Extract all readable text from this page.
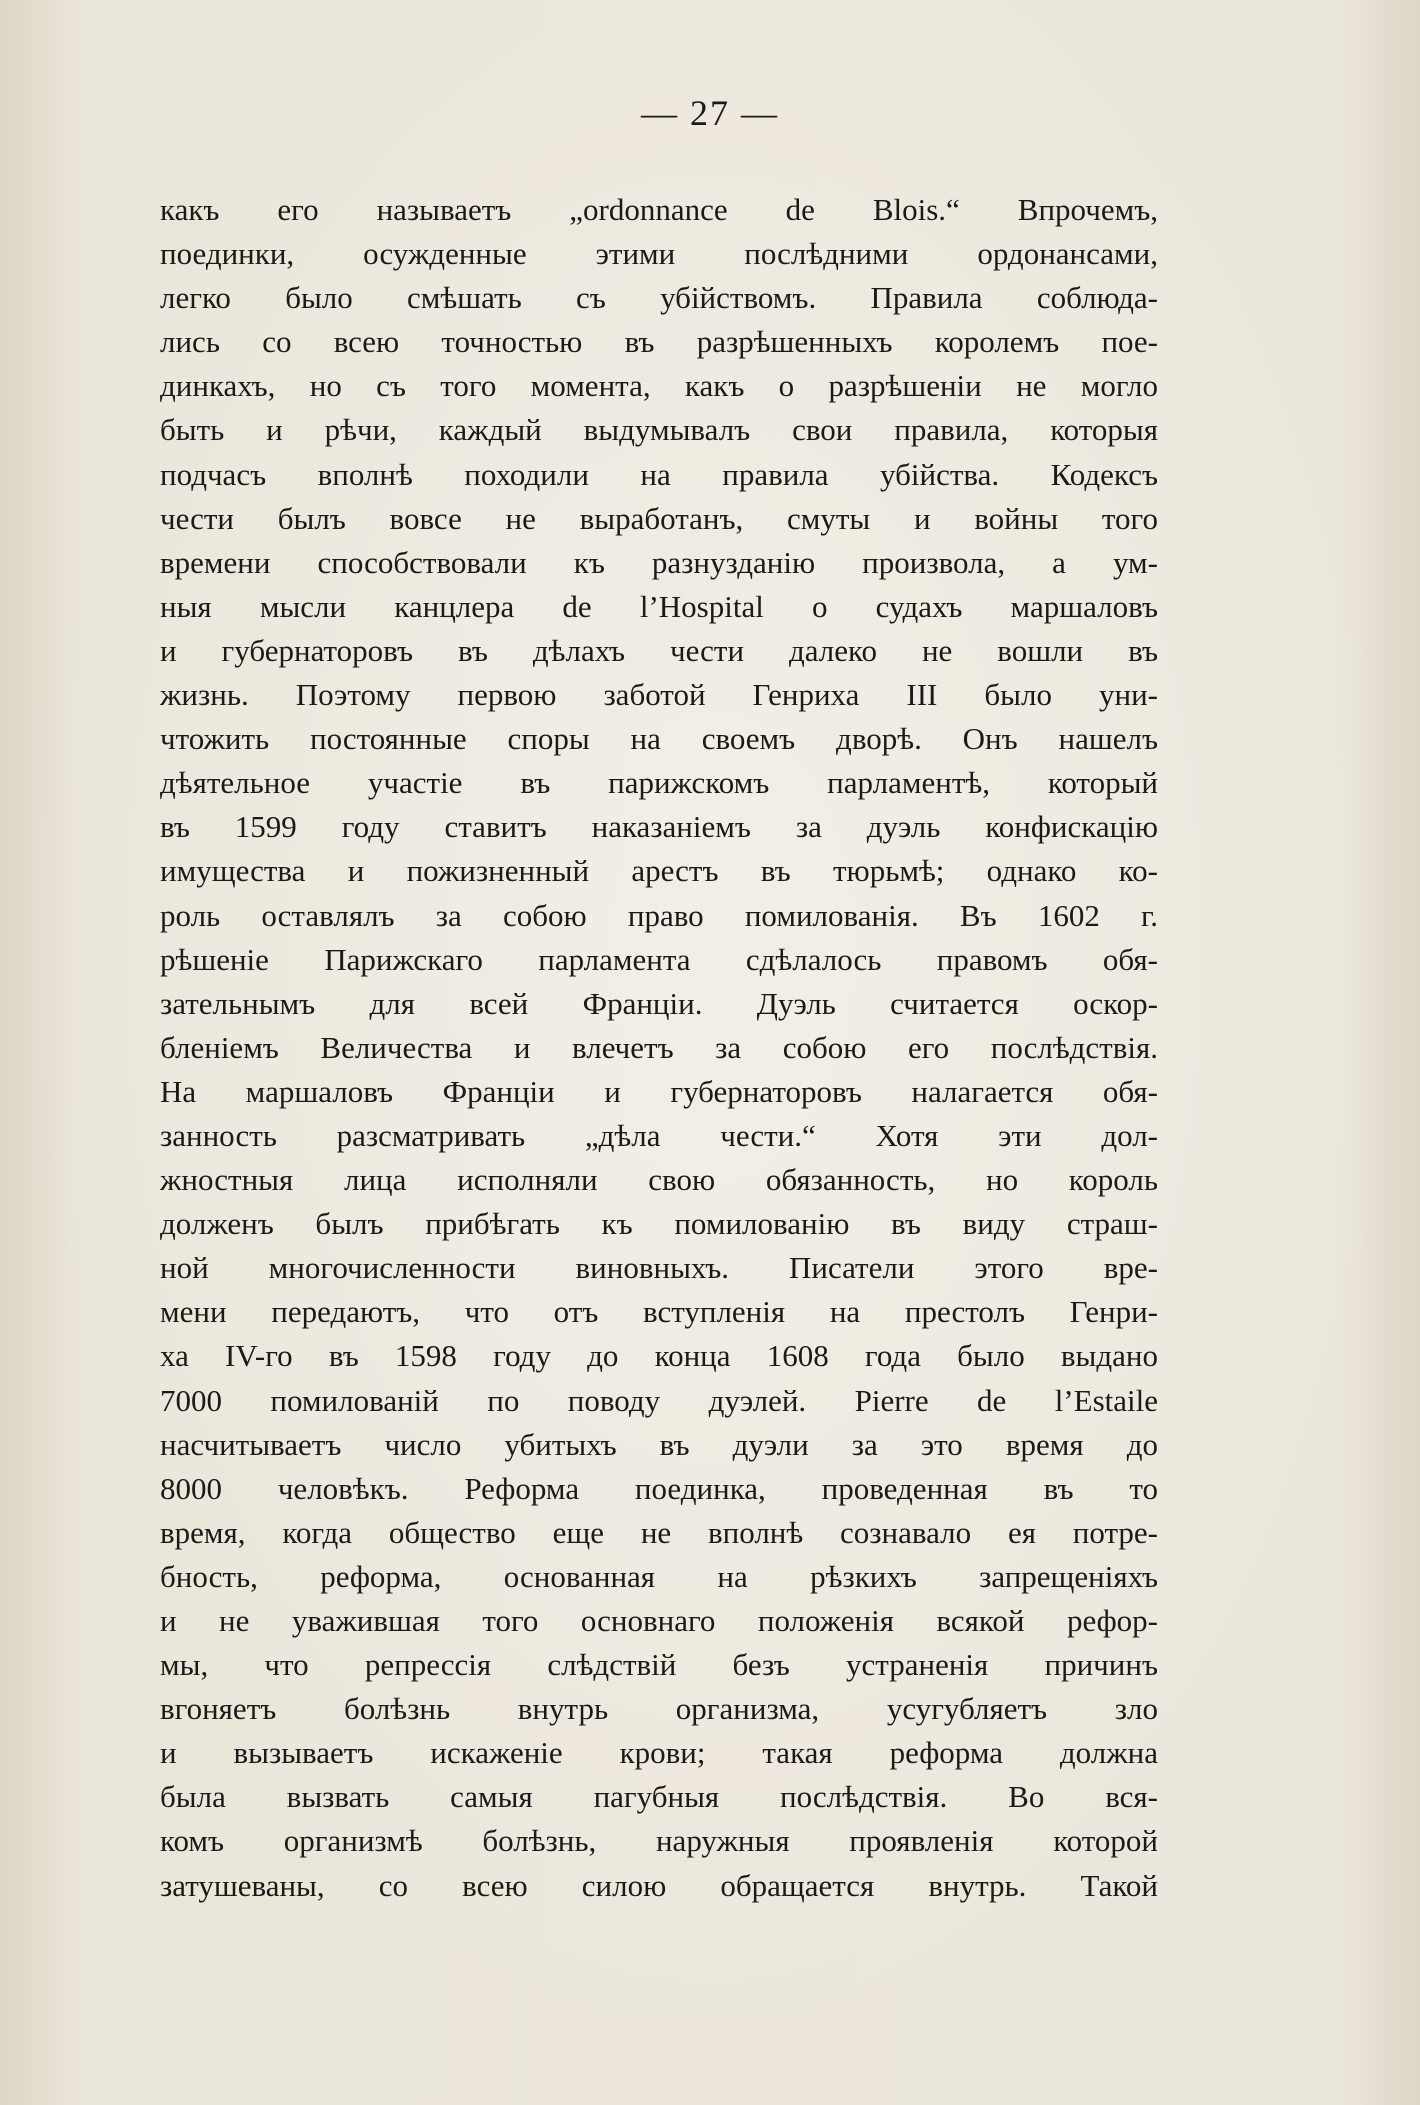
— 27 —
какъ его называетъ „ordonnance de Blois.“ Впрочемъ,
поединки, осужденные этими послѣдними ордонансами,
легко было смѣшать съ убійствомъ. Правила соблюда-
лись со всею точностью въ разрѣшенныхъ королемъ пое-
динкахъ, но съ того момента, какъ о разрѣшеніи не могло
быть и рѣчи, каждый выдумывалъ свои правила, которыя
подчасъ вполнѣ походили на правила убійства. Кодексъ
чести былъ вовсе не выработанъ, смуты и войны того
времени способствовали къ разнузданію произвола, а ум-
ныя мысли канцлера de l’Hospital о судахъ маршаловъ
и губернаторовъ въ дѣлахъ чести далеко не вошли въ
жизнь. Поэтому первою заботой Генриха IІІ было уни-
чтожить постоянные споры на своемъ дворѣ. Онъ нашелъ
дѣятельное участіе въ парижскомъ парламентѣ, который
въ 1599 году ставитъ наказаніемъ за дуэль конфискацію
имущества и пожизненный арестъ въ тюрьмѣ; однако ко-
роль оставлялъ за собою право помилованія. Въ 1602 г.
рѣшеніе Парижскаго парламента сдѣлалось правомъ обя-
зательнымъ для всей Франціи. Дуэль считается оскор-
бленіемъ Величества и влечетъ за собою его послѣдствія.
На маршаловъ Франціи и губернаторовъ налагается обя-
занность разсматривать „дѣла чести.“ Хотя эти дол-
жностныя лица исполняли свою обязанность, но король
долженъ былъ прибѣгать къ помилованію въ виду страш-
ной многочисленности виновныхъ. Писатели этого вре-
мени передаютъ, что отъ вступленія на престолъ Генри-
ха IV-го въ 1598 году до конца 1608 года было выдано
7000 помилованій по поводу дуэлей. Pierre de l’Estaile
насчитываетъ число убитыхъ въ дуэли за это время до
8000 человѣкъ. Реформа поединка, проведенная въ то
время, когда общество еще не вполнѣ сознавало ея потре-
бность, реформа, основанная на рѣзкихъ запрещеніяхъ
и не уважившая того основнаго положенія всякой рефор-
мы, что репрессія слѣдствій безъ устраненія причинъ
вгоняетъ болѣзнь внутрь организма, усугубляетъ зло
и вызываетъ искаженіе крови; такая реформа должна
была вызвать самыя пагубныя послѣдствія. Во вся-
комъ организмѣ болѣзнь, наружныя проявленія которой
затушеваны, со всею силою обращается внутрь. Такой
